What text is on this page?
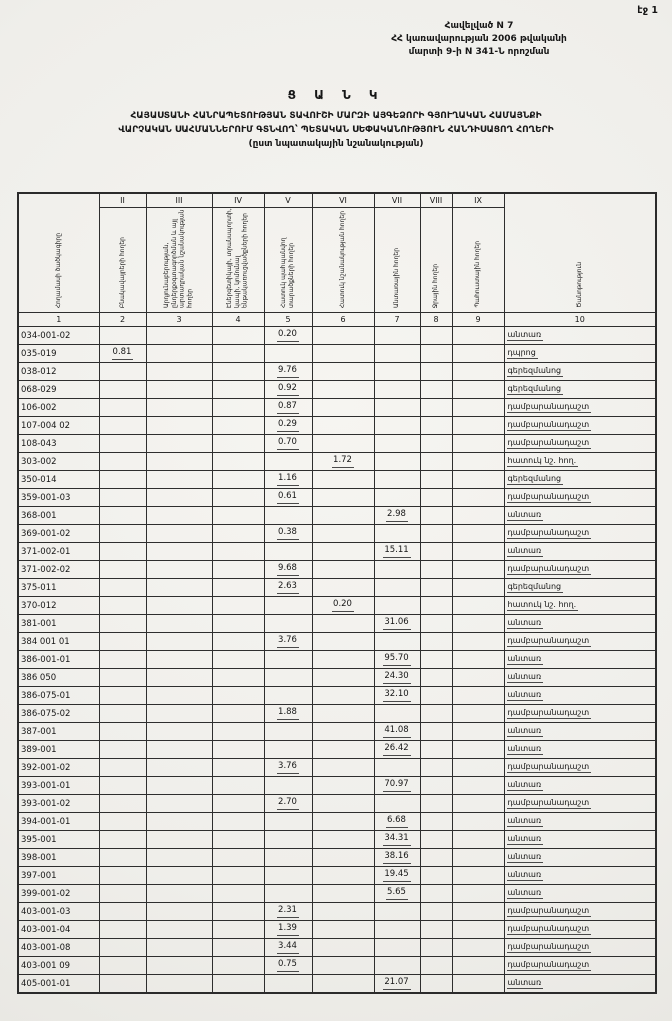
էջ 1
Հավելված N 7
ՀՀ կառավարության 2006 թվականի
մարտի 9-ի N 341-Ն որոշման
Ց Ա Ն Կ
ՀԱՅԱՍՏԱՆԻ ՀԱՆՐԱՊԵՏՈՒԹՅԱՆ ՏԱՎՈՒՇԻ ՄԱՐԶԻ ԱՅԳԵՁՈՐԻ ԳՅՈՒՂԱԿԱՆ ՀԱՄԱՅՆՔԻ
ՎԱՐՉԱԿԱՆ ՍԱՀՄԱՆՆԵՐՈՒՄ ԳՏՆՎՈՂ՝ ՊԵՏԱԿԱՆ ՍԵՓԱԿԱՆՈՒԹՅՈՒՆ ՀԱՆԴԻՍԱՑՈՂ ՀՈՂԵՐԻ
(ըստ նպատակային նշանակության)
Հողամասի ծածկագիրը	II	III	IV	V	VI	VII	VIII	IX	Ծանոթություն
	Բնակավայրերի հողեր	Արդյունաբերության, ընդերքօգտագործման և այլ արտադրական նշանակության հողեր	Էներգետիկայի, տրանսպորտի, կապի, կոմունալ ենթակառուցվածքների հողեր	Հատուկ պահպանվող տարածքների հողեր	Հատուկ նշանակության հողեր	Անտառային հողեր	Ջրային հողեր	Պահուստային հողեր	
1	2	3	4	5	6	7	8	9	10
034-001-02				0.20					անտառ
035-019	0.81								դպրոց
038-012				9.76					գերեզմանոց
068-029				0.92					գերեզմանոց
106-002				0.87					դամբարանադաշտ
107-004 02				0.29					դամբարանադաշտ
108-043				0.70					դամբարանադաշտ
303-002					1.72				հատուկ նշ. հող.
350-014				1.16					գերեզմանոց
359-001-03				0.61					դամբարանադաշտ
368-001						2.98			անտառ
369-001-02				0.38					դամբարանադաշտ
371-002-01						15.11			անտառ
371-002-02				9.68					դամբարանադաշտ
375-011				2.63					գերեզմանոց
370-012					0.20				հատուկ նշ. հող.
381-001						31.06			անտառ
384 001 01				3.76					դամբարանադաշտ
386-001-01						95.70			անտառ
386 050						24.30			անտառ
386-075-01						32.10			անտառ
386-075-02				1.88					դամբարանադաշտ
387-001						41.08			անտառ
389-001						26.42			անտառ
392-001-02				3.76					դամբարանադաշտ
393-001-01						70.97			անտառ
393-001-02				2.70					դամբարանադաշտ
394-001-01						6.68			անտառ
395-001						34.31			անտառ
398-001						38.16			անտառ
397-001						19.45			անտառ
399-001-02						5.65			անտառ
403-001-03				2.31					դամբարանադաշտ
403-001-04				1.39					դամբարանադաշտ
403-001-08				3.44					դամբարանադաշտ
403-001 09				0.75					դամբարանադաշտ
405-001-01						21.07			անտառ
